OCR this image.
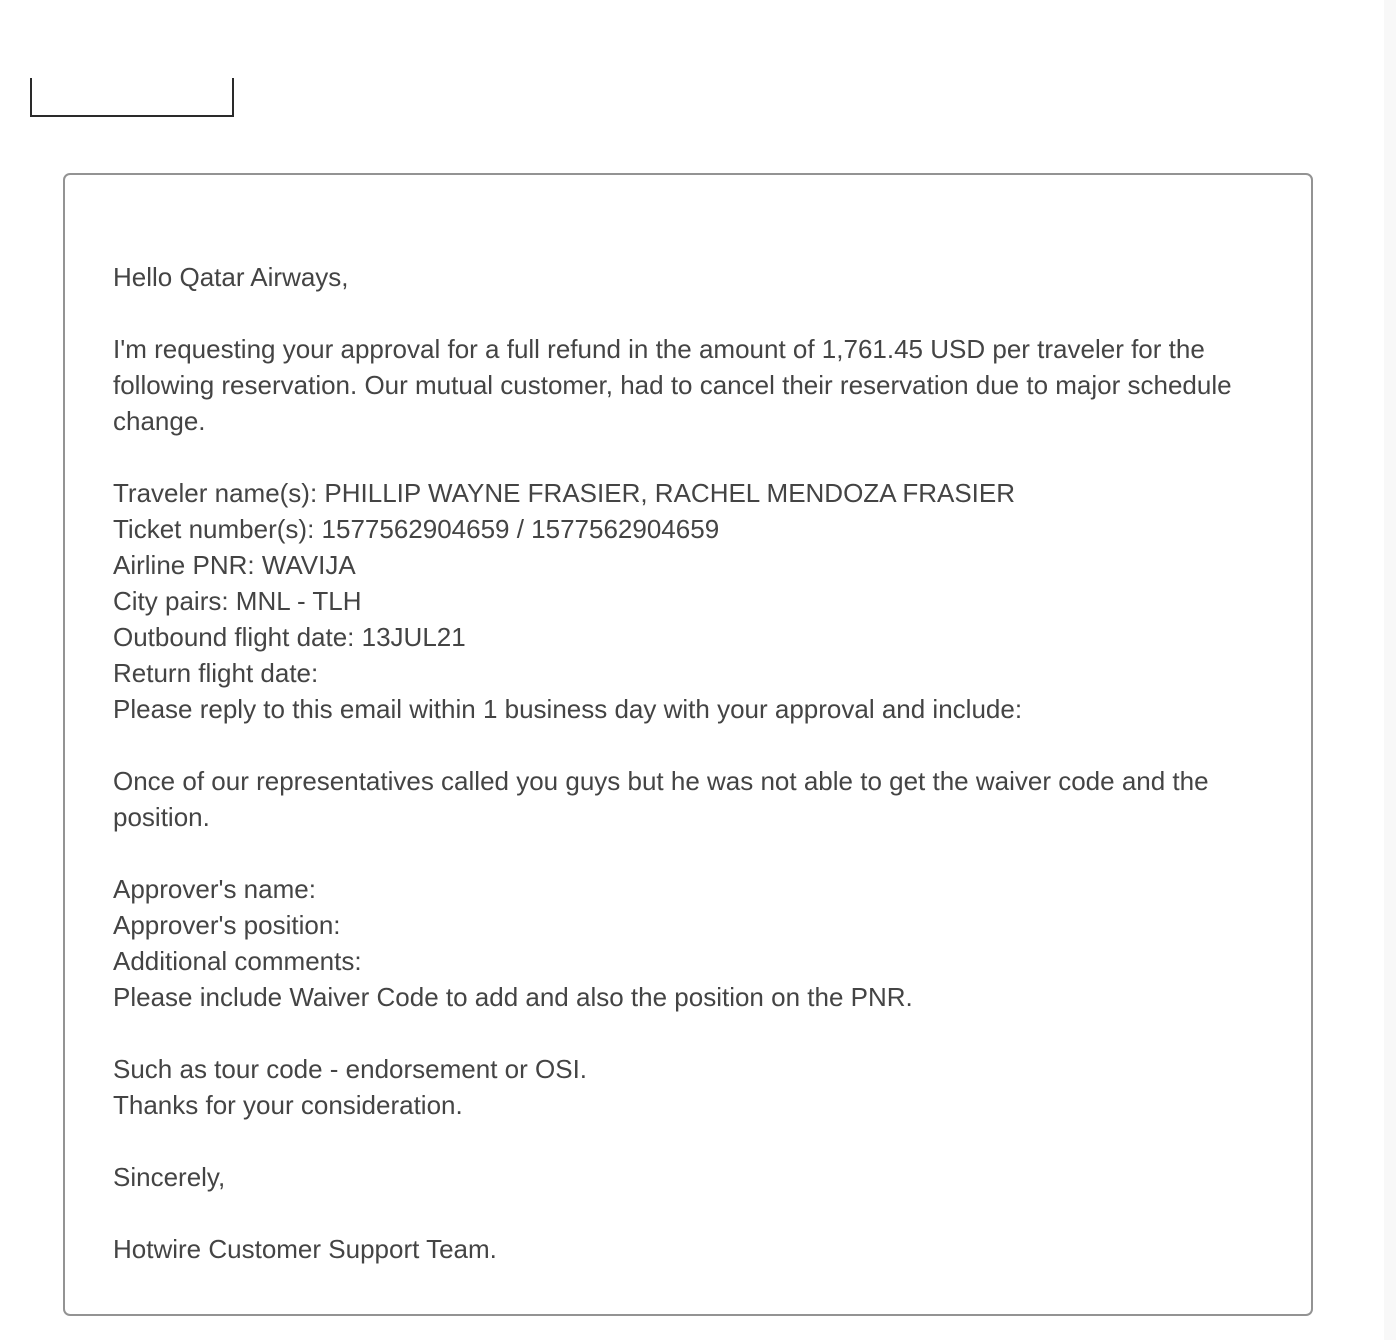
Hello Qatar Airways,
I'm requesting your approval for a full refund in the amount of 1,761.45 USD per traveler for the following reservation. Our mutual customer, had to cancel their reservation due to major schedule change.
Traveler name(s): PHILLIP WAYNE FRASIER, RACHEL MENDOZA FRASIER
Ticket number(s): 1577562904659 / 1577562904659
Airline PNR: WAVIJA
City pairs: MNL - TLH
Outbound flight date: 13JUL21
Return flight date:
Please reply to this email within 1 business day with your approval and include:
Once of our representatives called you guys but he was not able to get the waiver code and the position.
Approver's name:
Approver's position:
Additional comments:
Please include Waiver Code to add and also the position on the PNR.
Such as tour code - endorsement or OSI.
Thanks for your consideration.
Sincerely,
Hotwire Customer Support Team.
